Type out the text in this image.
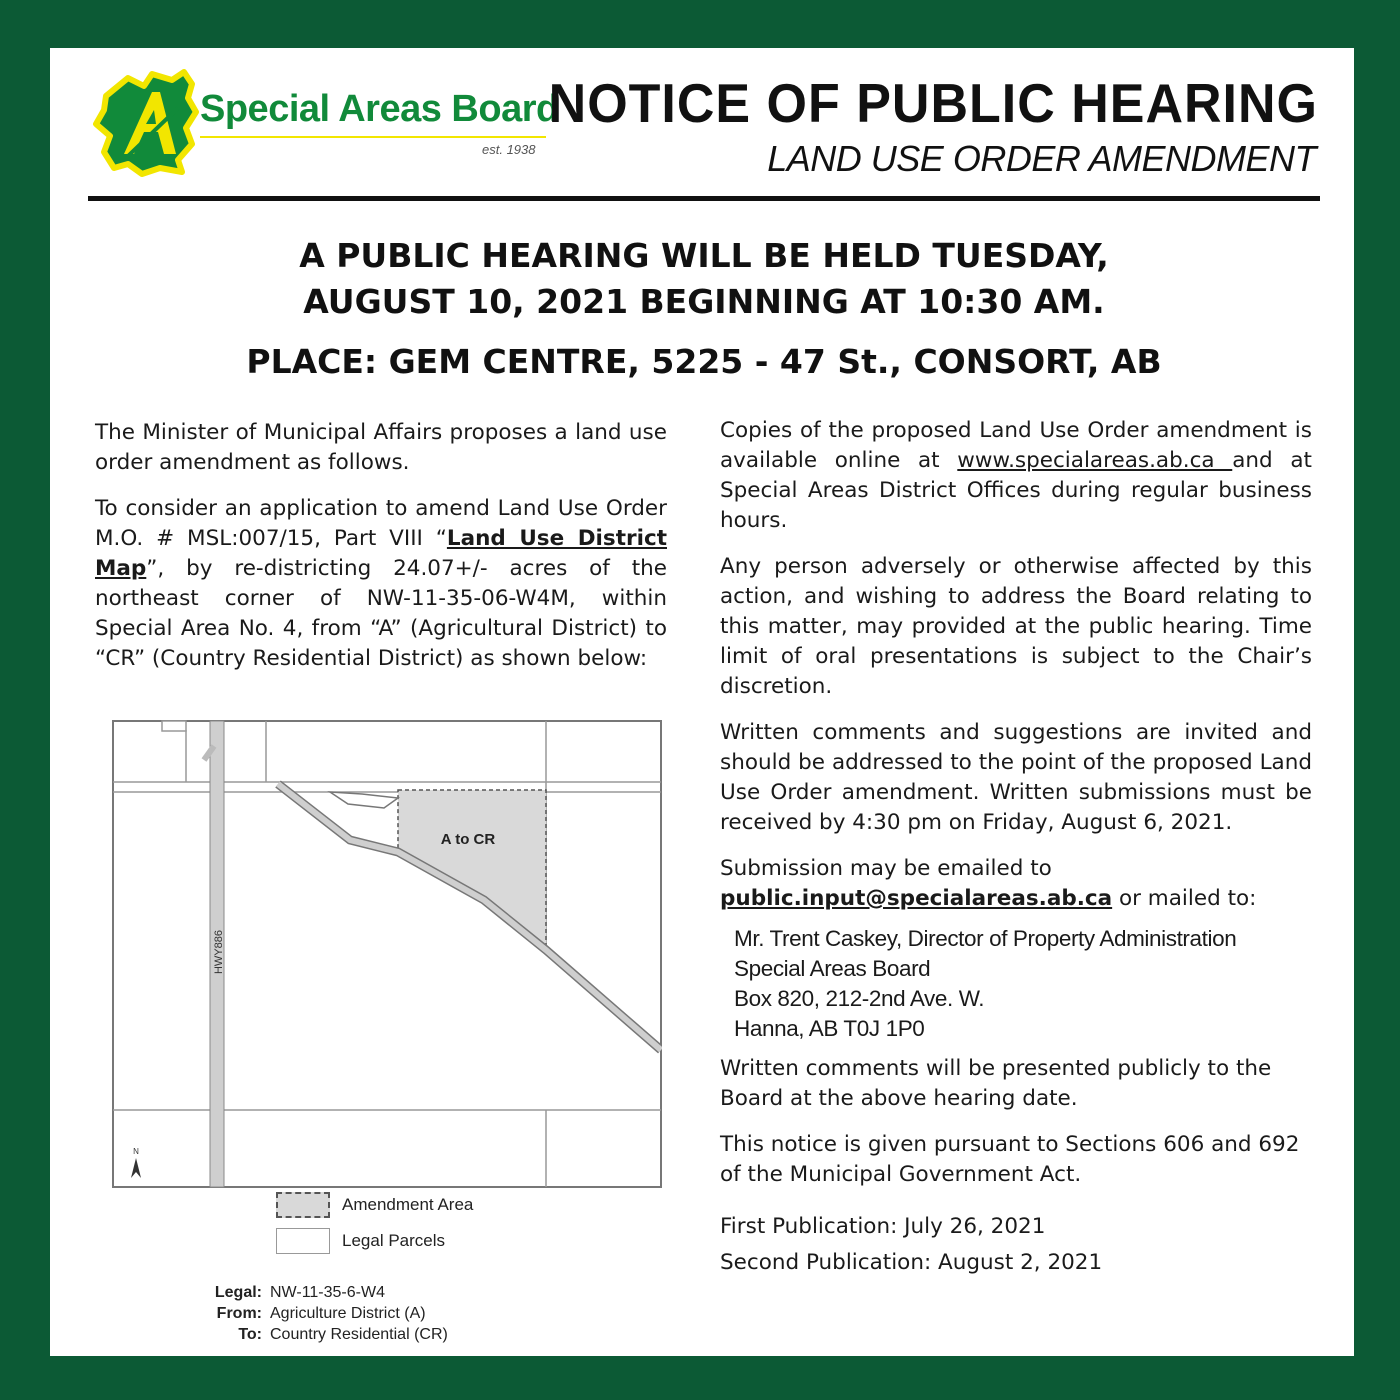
Special Areas Board
est. 1938
NOTICE OF PUBLIC HEARING
LAND USE ORDER AMENDMENT
A PUBLIC HEARING WILL BE HELD TUESDAY,
AUGUST 10, 2021 BEGINNING AT 10:30 AM.
PLACE: GEM CENTRE, 5225 - 47 St., CONSORT, AB

The Minister of Municipal Affairs proposes a land use order amendment as follows.

To consider an application to amend Land Use Order M.O. # MSL:007/15, Part VIII “Land Use District Map”, by re-districting 24.07+/- acres of the northeast corner of NW-11-35-06-W4M, within Special Area No. 4, from “A” (Agricultural District) to “CR” (Country Residential District) as shown below:

HWY886
A to CR
N
Amendment Area
Legal Parcels
Legal: NW-11-35-6-W4
From: Agriculture District (A)
To: Country Residential (CR)

Copies of the proposed Land Use Order amendment is available online at www.specialareas.ab.ca and at Special Areas District Offices during regular business hours.

Any person adversely or otherwise affected by this action, and wishing to address the Board relating to this matter, may provided at the public hearing. Time limit of oral presentations is subject to the Chair’s discretion.

Written comments and suggestions are invited and should be addressed to the point of the proposed Land Use Order amendment. Written submissions must be received by 4:30 pm on Friday, August 6, 2021.

Submission may be emailed to
public.input@specialareas.ab.ca or mailed to:

Mr. Trent Caskey, Director of Property Administration
Special Areas Board
Box 820, 212-2nd Ave. W.
Hanna, AB T0J 1P0

Written comments will be presented publicly to the Board at the above hearing date.

This notice is given pursuant to Sections 606 and 692 of the Municipal Government Act.

First Publication: July 26, 2021

Second Publication: August 2, 2021
